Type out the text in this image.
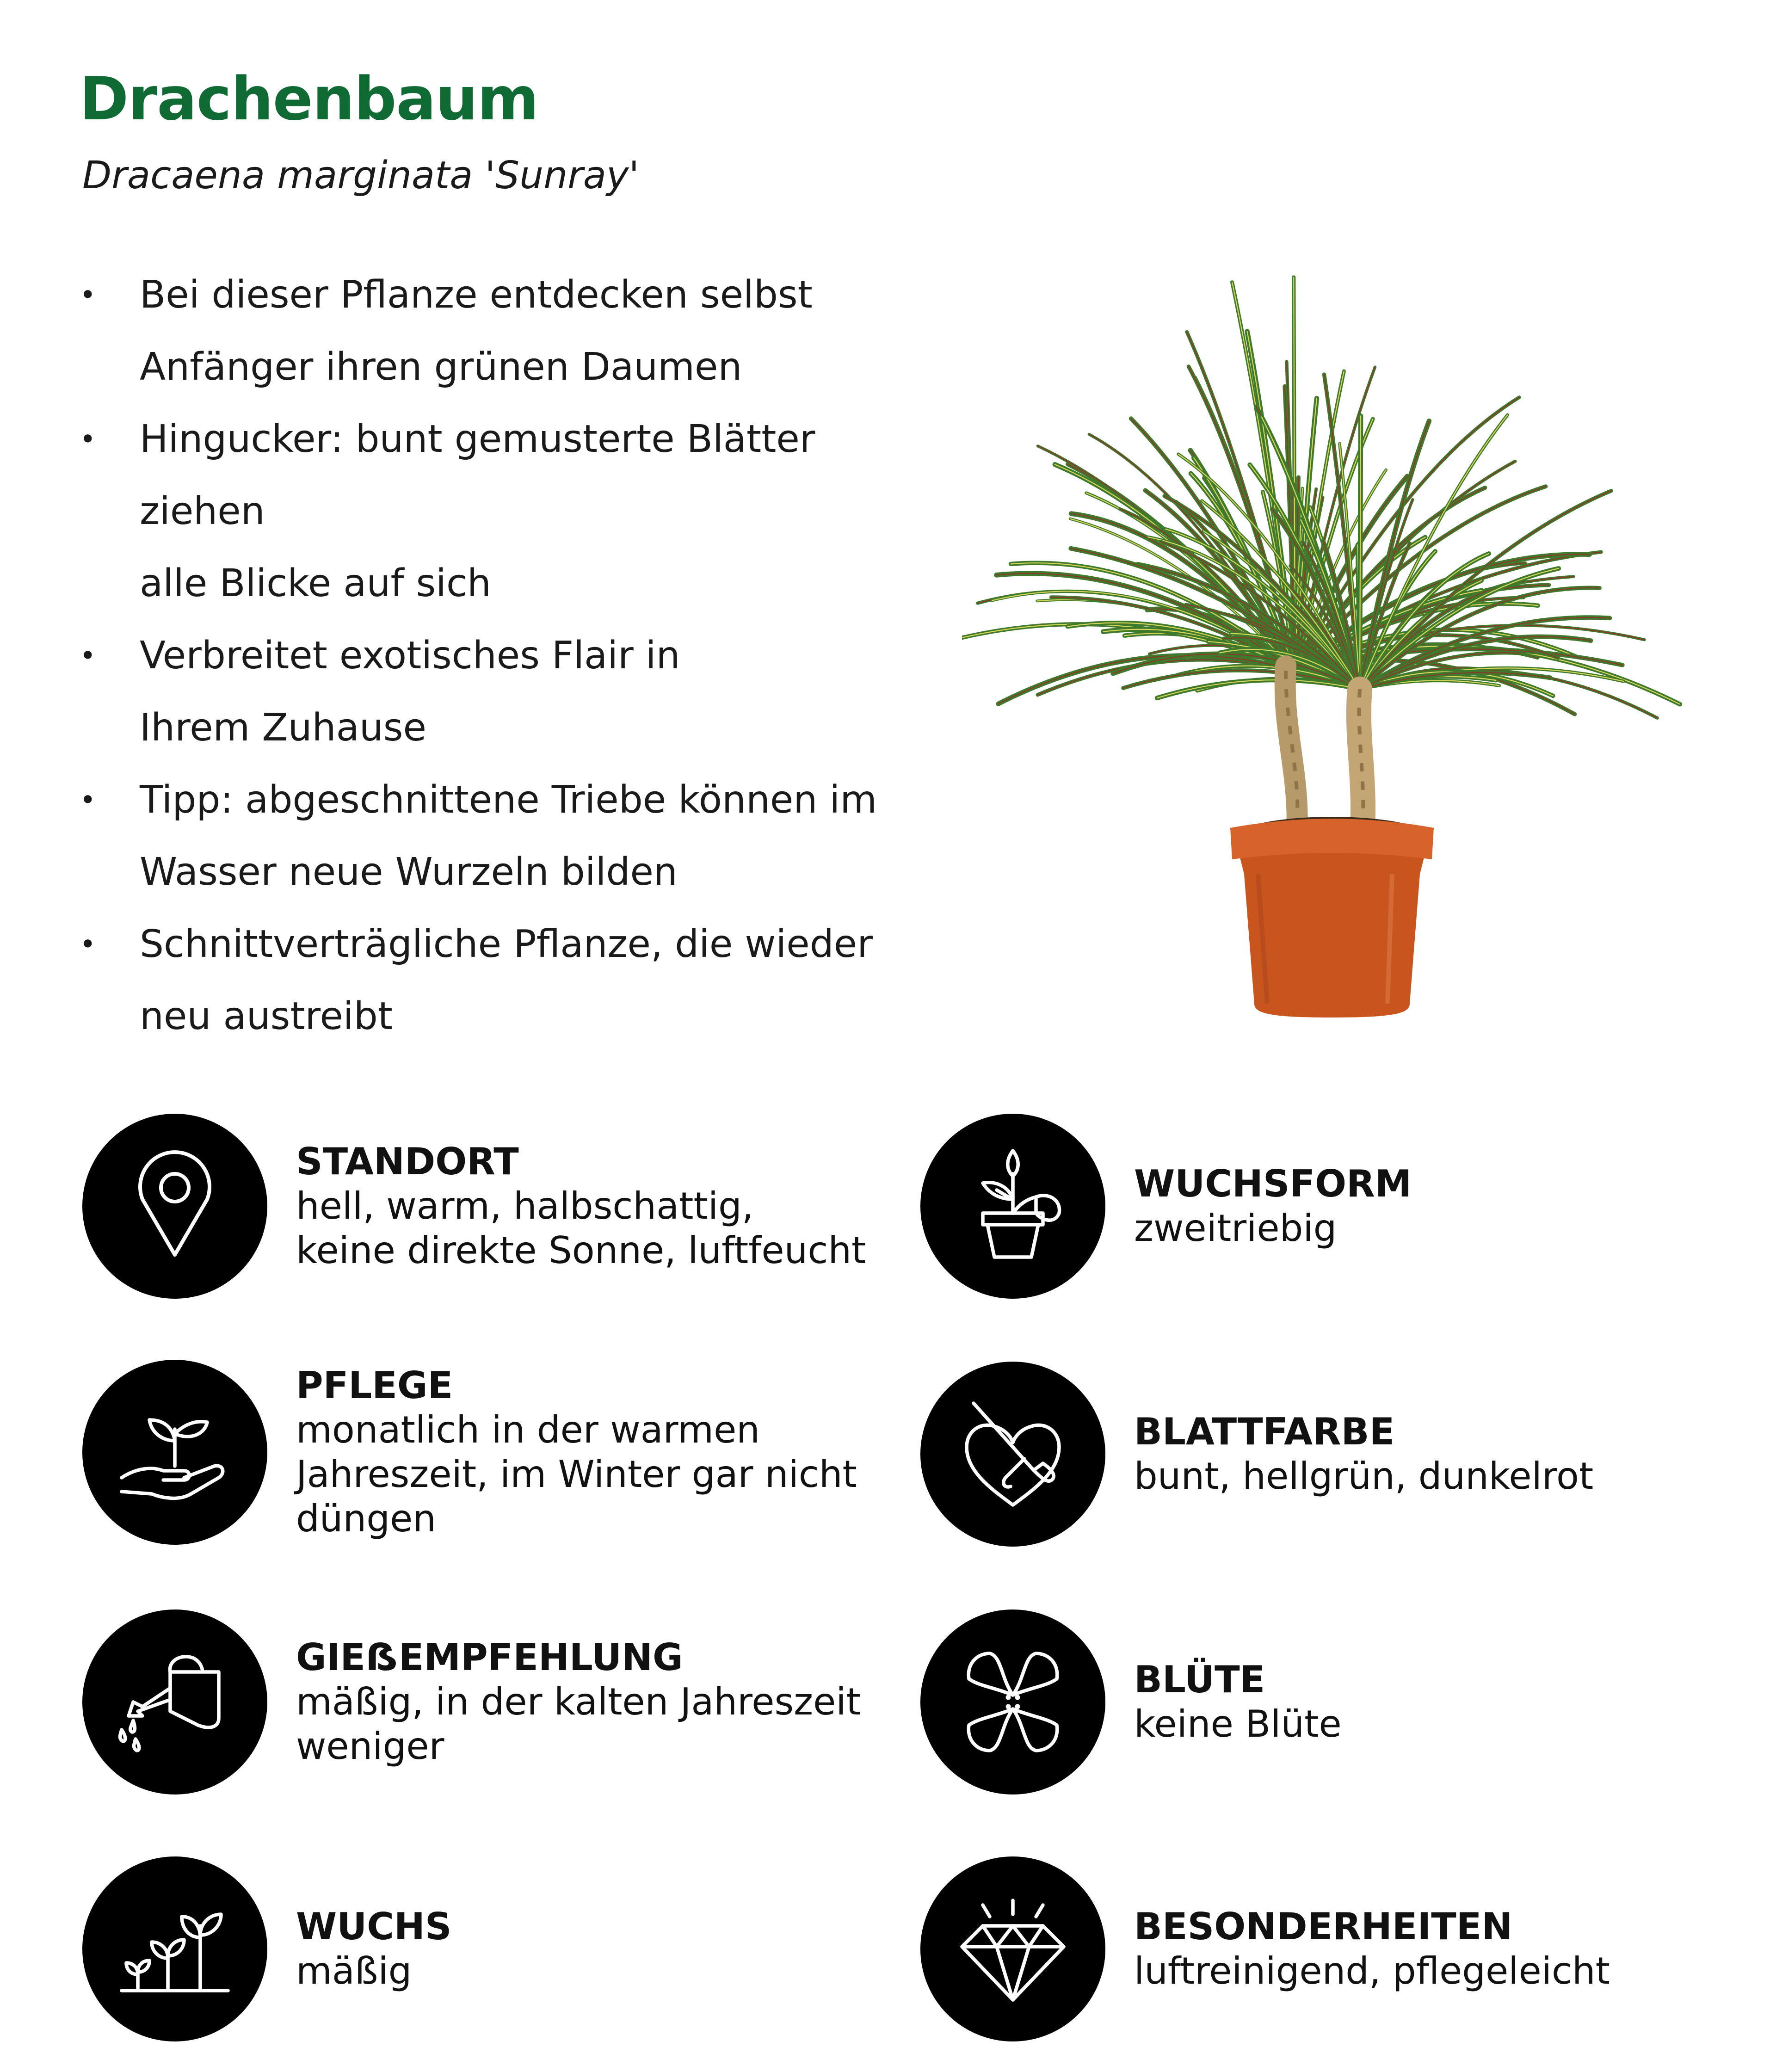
Drachenbaum

Dracaena marginata 'Sunray'

• Bei dieser Pflanze entdecken selbst
Anfänger ihren grünen Daumen
• Hingucker: bunt gemusterte Blätter ziehen
alle Blicke auf sich
• Verbreitet exotisches Flair in
Ihrem Zuhause
• Tipp: abgeschnittene Triebe können im
Wasser neue Wurzeln bilden
• Schnittverträgliche Pflanze, die wieder
neu austreibt
STANDORT
hell, warm, halbschattig,
keine direkte Sonne, luftfeucht
PFLEGE
monatlich in der warmen
Jahreszeit, im Winter gar nicht
düngen
GIEẞEMPFEHLUNG
mäßig, in der kalten Jahreszeit
weniger
WUCHS
mäßig
WUCHSFORM
zweitriebig
BLATTFARBE
bunt, hellgrün, dunkelrot
BLÜTE
keine Blüte
BESONDERHEITEN
luftreinigend, pflegeleicht
